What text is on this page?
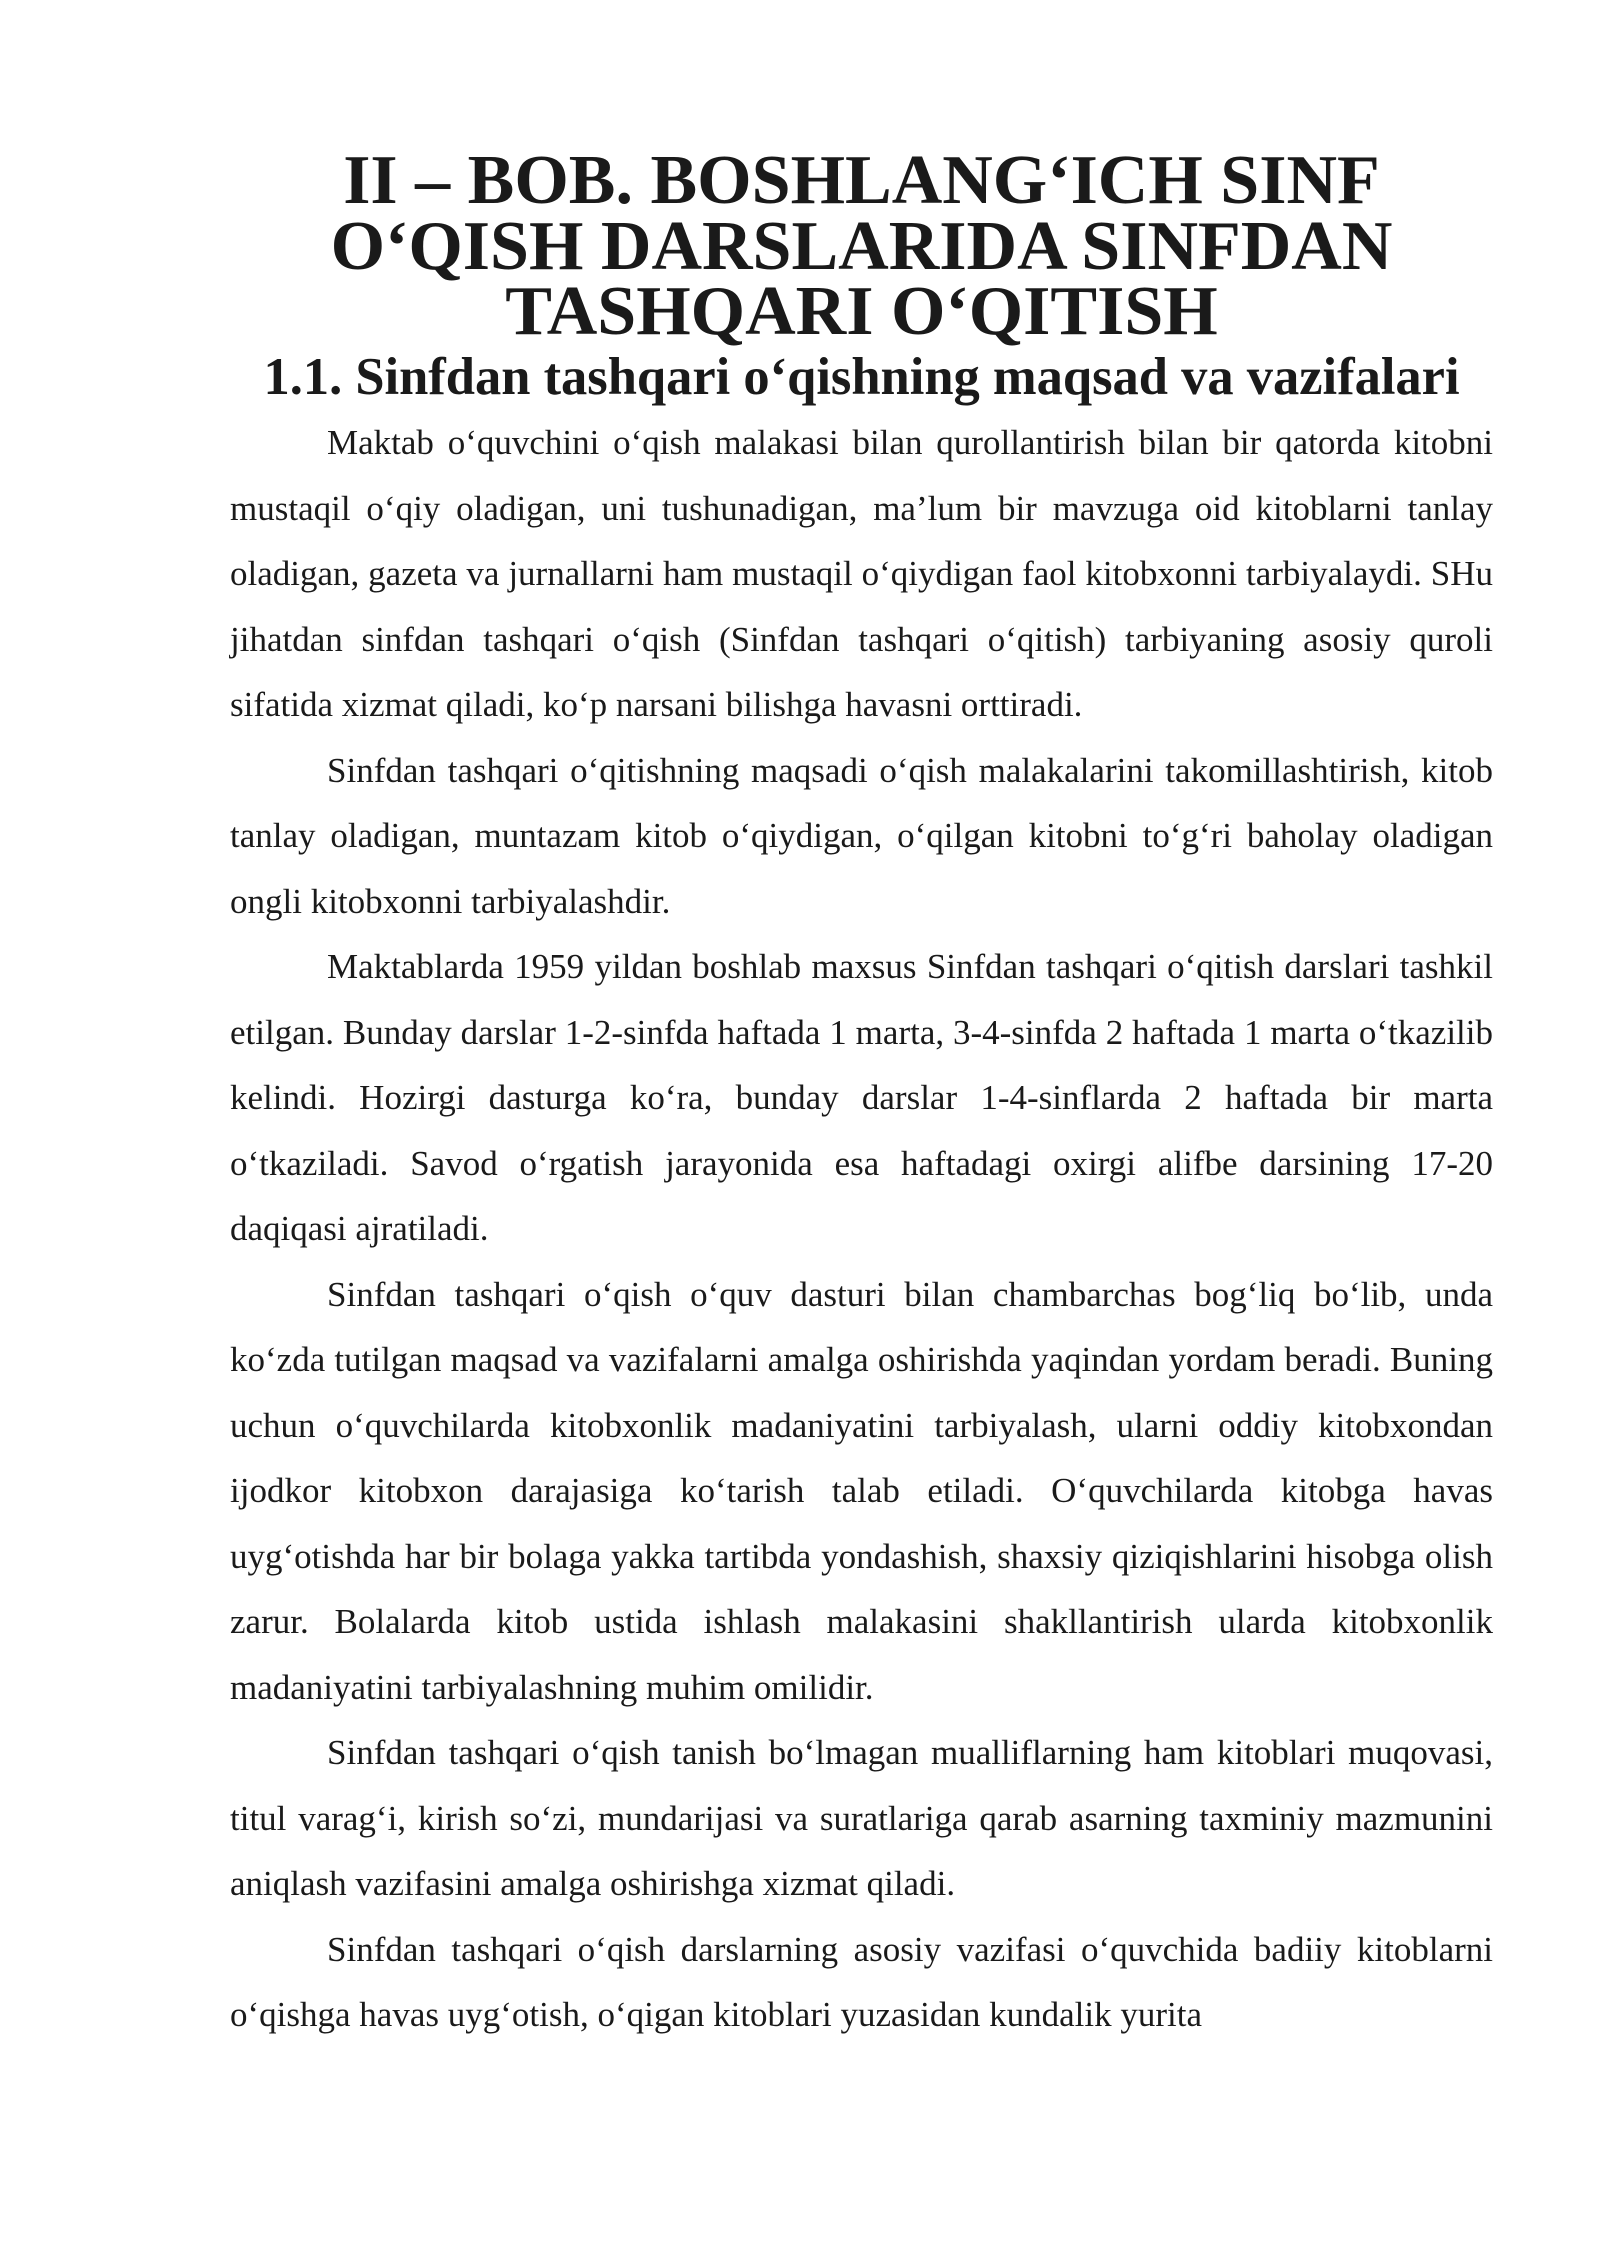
II – BOB. BOSHLANG‘ICH SINF O‘QISH DARSLARIDA SINFDAN TASHQARI O‘QITISH
1.1. Sinfdan tashqari o‘qishning maqsad va vazifalari

Maktab o‘quvchini o‘qish malakasi bilan qurollantirish bilan bir qatorda kitobni mustaqil o‘qiy oladigan, uni tushunadigan, ma’lum bir mavzuga oid kitoblarni tanlay oladigan, gazeta va jurnallarni ham mustaqil o‘qiydigan faol kitobxonni tarbiyalaydi. SHu jihatdan sinfdan tashqari o‘qish (Sinfdan tashqari o‘qitish) tarbiyaning asosiy quroli sifatida xizmat qiladi, ko‘p narsani bilishga havasni orttiradi.

Sinfdan tashqari o‘qitishning maqsadi o‘qish malakalarini takomillashtirish, kitob tanlay oladigan, muntazam kitob o‘qiydigan, o‘qilgan kitobni to‘g‘ri baholay oladigan ongli kitobxonni tarbiyalashdir.

Maktablarda 1959 yildan boshlab maxsus Sinfdan tashqari o‘qitish darslari tashkil etilgan. Bunday darslar 1-2-sinfda haftada 1 marta, 3-4-sinfda 2 haftada 1 marta o‘tkazilib kelindi. Hozirgi dasturga ko‘ra, bunday darslar 1-4-sinflarda 2 haftada bir marta o‘tkaziladi. Savod o‘rgatish jarayonida esa haftadagi oxirgi alifbe darsining 17-20 daqiqasi ajratiladi.

Sinfdan tashqari o‘qish o‘quv dasturi bilan chambarchas bog‘liq bo‘lib, unda ko‘zda tutilgan maqsad va vazifalarni amalga oshirishda yaqindan yordam beradi. Buning uchun o‘quvchilarda kitobxonlik madaniyatini tarbiyalash, ularni oddiy kitobxondan ijodkor kitobxon darajasiga ko‘tarish talab etiladi. O‘quvchilarda kitobga havas uyg‘otishda har bir bolaga yakka tartibda yondashish, shaxsiy qiziqishlarini hisobga olish zarur. Bolalarda kitob ustida ishlash malakasini shakllantirish ularda kitobxonlik madaniyatini tarbiyalashning muhim omilidir.

Sinfdan tashqari o‘qish tanish bo‘lmagan mualliflarning ham kitoblari muqovasi, titul varag‘i, kirish so‘zi, mundarijasi va suratlariga qarab asarning taxminiy mazmunini aniqlash vazifasini amalga oshirishga xizmat qiladi.

Sinfdan tashqari o‘qish darslarning asosiy vazifasi o‘quvchida badiiy kitoblarni o‘qishga havas uyg‘otish, o‘qigan kitoblari yuzasidan kundalik yurita
